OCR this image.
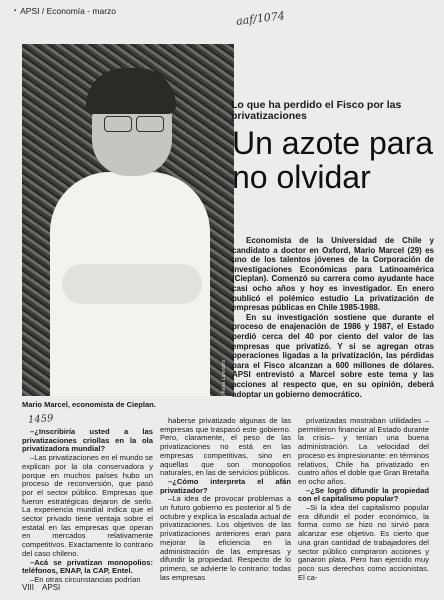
▪ APSI / Economía - marzo	aaf/1074
Kena Lorenzini
Mario Marcel, economista de Cieplan.
Lo que ha perdido el Fisco por las privatizaciones
Un azote para no olvidar

Economista de la Universidad de Chile y candidato a doctor en Oxford, Mario Marcel (29) es uno de los talentos jóvenes de la Corporación de Investigaciones Económicas para Latinoamérica (Cieplan). Comenzó su carrera como ayudante hace casi ocho años y hoy es investigador. En enero publicó el polémico estudio La privatización de empresas públicas en Chile 1985-1988.

En su investigación sostiene que durante el proceso de enajenación de 1986 y 1987, el Estado perdió cerca del 40 por ciento del valor de las empresas que privatizó. Y si se agregan otras operaciones ligadas a la privatización, las pérdidas para el Fisco alcanzan a 600 millones de dólares. APSI entrevistó a Marcel sobre este tema y las acciones al respecto que, en su opinión, deberá adoptar un gobierno democrático.

1459

–¿Inscribiría usted a las privatizaciones criollas en la ola privatizadora mundial?

–Las privatizaciones en el mundo se explican por la ola conservadora y porque en muchos países hubo un proceso de reconversión, que pasó por el sector público. Empresas que fueron estratégicas dejaron de serlo. La experiencia mundial indica que el sector privado tiene ventaja sobre el estatal en las empresas que operan en mercados relativamente competitivos. Exactamente lo contrario del caso chileno.

–Acá se privatizan monopolios: teléfonos, ENAP, la CAP, Entel.

–En otras circunstancias podrían

haberse privatizado algunas de las empresas que traspasó este gobierno. Pero, claramente, el peso de las privatizaciones no está en las empresas competitivas, sino en aquellas que son monopolios naturales, en las de servicios públicos.

–¿Cómo interpreta el afán privatizador?

–La idea de provocar problemas a un futuro gobierno es posterior al 5 de octubre y explica la escalada actual de privatizaciones. Los objetivos de las privatizaciones anteriores eran para mejorar la eficiencia en la administración de las empresas y difundir la propiedad. Respecto de lo primero, se advierte lo contrario: todas las empresas

privatizadas mostraban utilidades –permitieron financiar al Estado durante la crisis– y tenían una buena administración. La velocidad del proceso es impresionante: en términos relativos, Chile ha privatizado en cuatro años el doble que Gran Bretaña en ocho años.

–¿Se logró difundir la propiedad con el capitalismo popular?

–Si la idea del capitalismo popular era difundir el poder económico, la forma como se hizo no sirvió para alcanzar ese objetivo. Es cierto que una gran cantidad de trabajadores del sector público compraron acciones y ganaron plata. Pero han ejercido muy poco sus derechos como accionistas. El ca-

VIII APSI
